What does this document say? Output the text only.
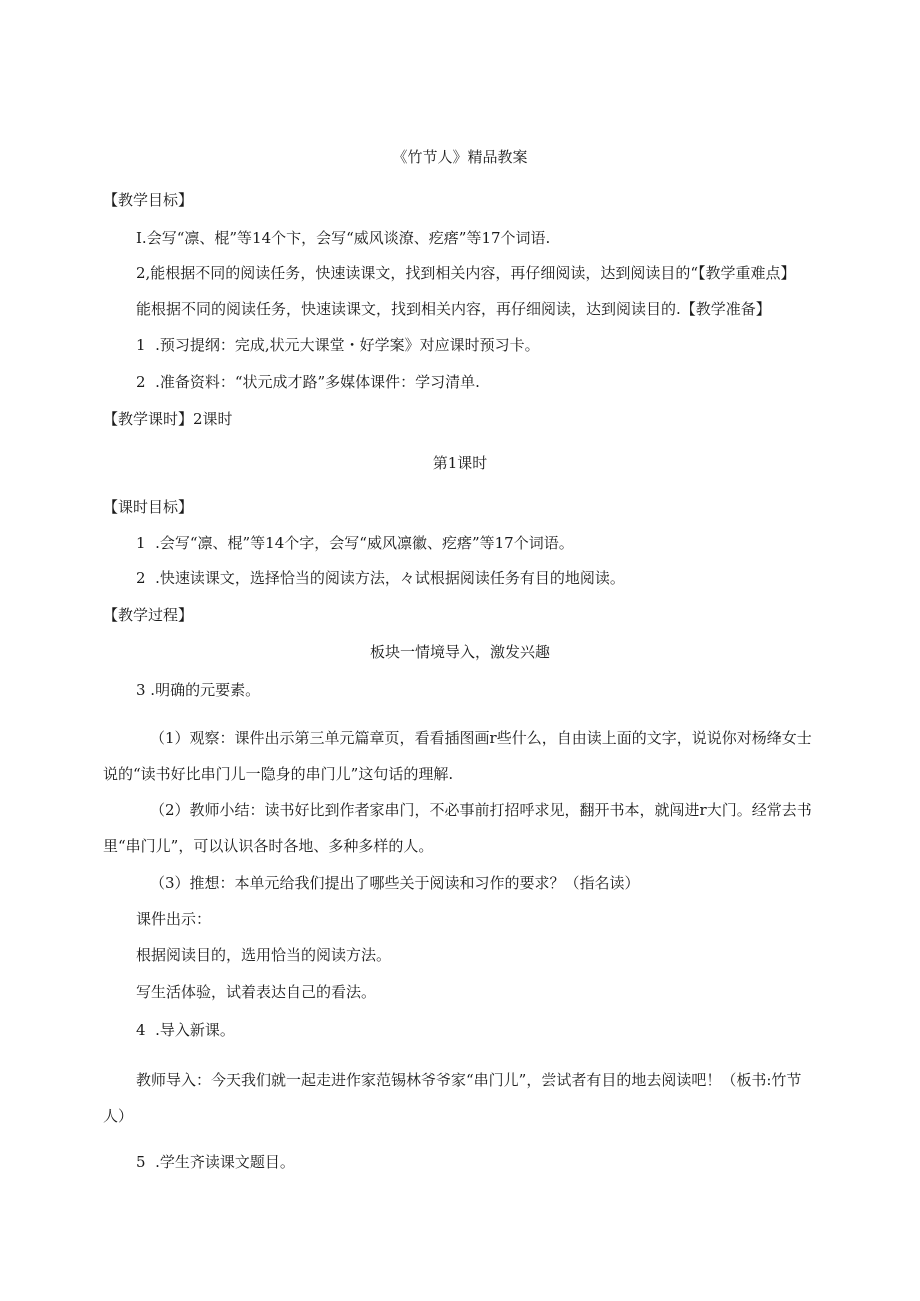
《竹节人》精品教案
【教学目标】
I.会写“凛、棍”等14个卞，会写“威风谈潦、疙瘩”等17个词语.
2,能根据不同的阅读任务，快速读课文，找到相关内容，再仔细阅读，达到阅读目的“【教学重难点】
能根据不同的阅读任务，快速读课文，找到相关内容，再仔细阅读，达到阅读目的.【教学准备】
1  .预习提纲：完成,状元大课堂・好学案》对应课时预习卡。
2  .准备资料：“状元成才路”多媒体课件：学习清单.
【教学课时】2课时
第1课时
【课时目标】
1  .会写“凛、棍”等14个字，会写“威风凛徽、疙瘩”等17个词语。
2  .快速读课文，选择恰当的阅读方法，々试根据阅读任务有目的地阅读。
【教学过程】
板块一情境导入，激发兴趣
3 .明确的元要素。
（1）观察：课件出示第三单元篇章页，看看插图画r些什么，自由读上面的文字，说说你对杨绛女士
说的“读书好比串门儿一隐身的串门儿”这句话的理解.
（2）教师小结：读书好比到作者家串门，不必事前打招呼求见，翻开书本，就闯进r大门。经常去书
里“串门儿”，可以认识各时各地、多种多样的人。
（3）推想：本单元给我们提出了哪些关于阅读和习作的要求？（指名读）
课件出示：
根据阅读目的，选用恰当的阅读方法。
写生活体验，试着表达自己的看法。
4  .导入新课。
教师导入：今天我们就一起走进作家范锡林爷爷家“串门儿”，尝试者有目的地去阅读吧！（板书:竹节
人）
5  .学生齐读课文题目。
